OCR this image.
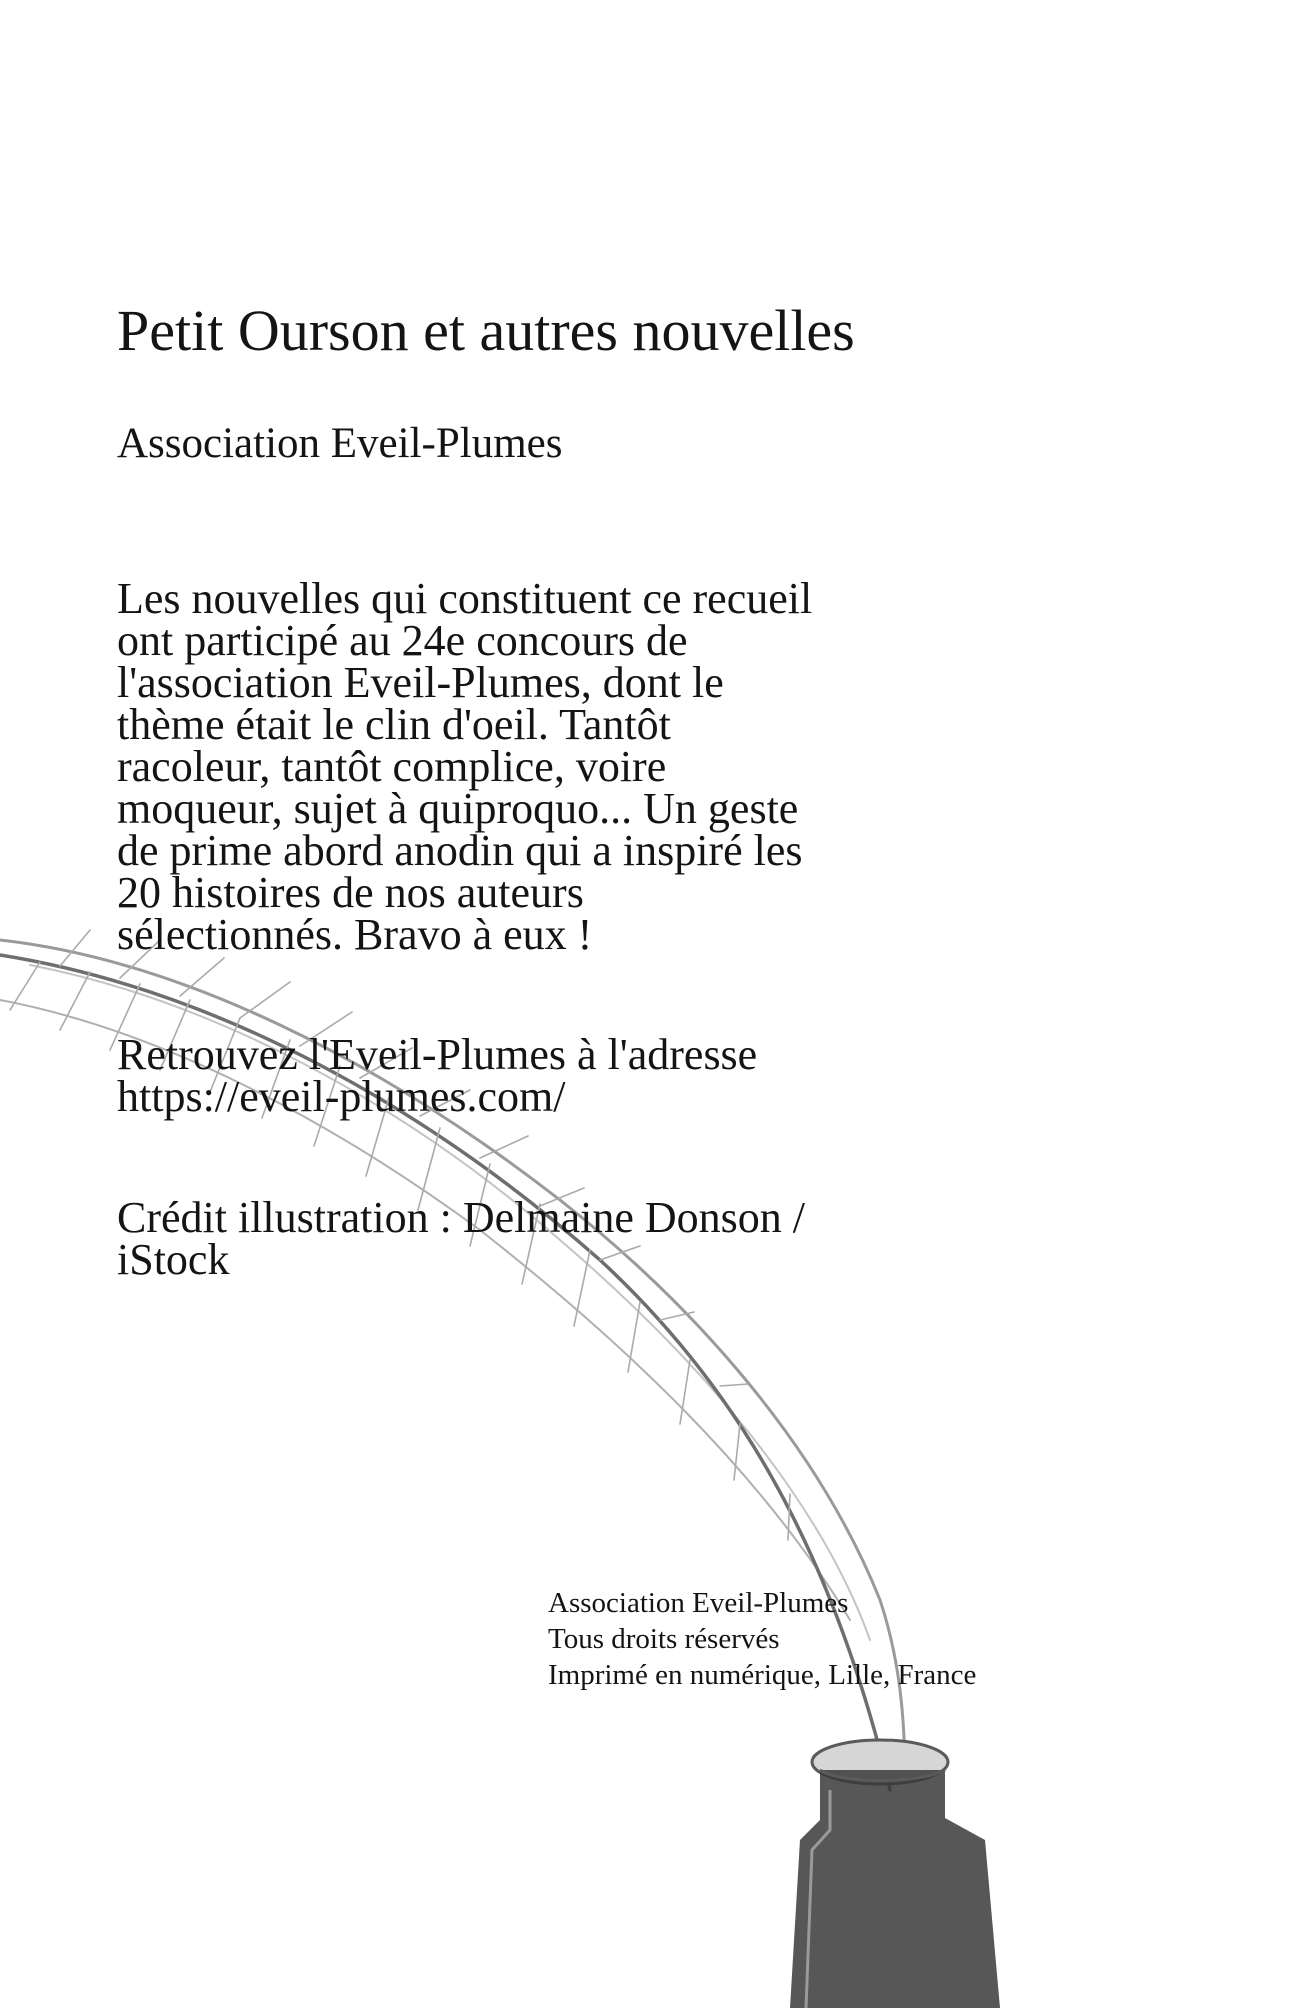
Petit Ourson et autres nouvelles

Association Eveil-Plumes

Les nouvelles qui constituent ce recueil
ont participé au 24e concours de
l'association Eveil-Plumes, dont le
thème était le clin d'oeil. Tantôt
racoleur, tantôt complice, voire
moqueur, sujet à quiproquo... Un geste
de prime abord anodin qui a inspiré les
20 histoires de nos auteurs
sélectionnés. Bravo à eux !

Retrouvez l'Eveil-Plumes à l'adresse
https://eveil-plumes.com/

Crédit illustration : Delmaine Donson /
iStock

Association Eveil-Plumes
Tous droits réservés
Imprimé en numérique, Lille, France
